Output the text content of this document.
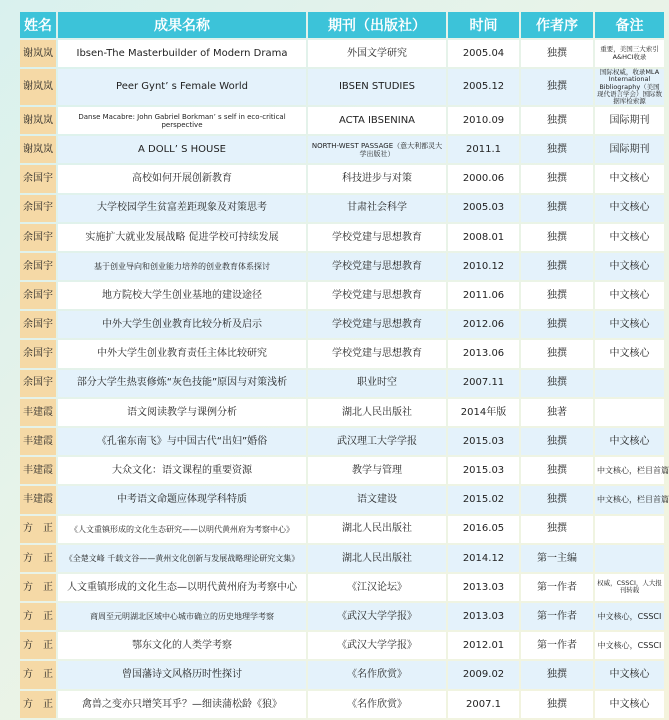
姓名	成果名称	期刊（出版社）	时间	作者序	备注
谢岚岚	Ibsen-The Masterbuilder of Modern Drama	外国文学研究	2005.04	独撰	重要，美国三大索引A&HCI收录
谢岚岚	Peer Gynt’ s Female World	IBSEN STUDIES	2005.12	独撰	国际权威，收录MLA International Bibliography（美国现代语言学会）国际数据库检索源
谢岚岚	Danse Macabre: John Gabriel Borkman’ s self in eco-critical perspective	ACTA IBSENINA	2010.09	独撰	国际期刊
谢岚岚	A DOLL’ S HOUSE	NORTH-WEST PASSAGE（意大利都灵大学出版社）	2011.1	独撰	国际期刊
余国宇	高校如何开展创新教育	科技进步与对策	2000.06	独撰	中文核心
余国宇	大学校园学生贫富差距现象及对策思考	甘肃社会科学	2005.03	独撰	中文核心
余国宇	实施扩大就业发展战略 促进学校可持续发展	学校党建与思想教育	2008.01	独撰	中文核心
余国宇	基于创业导向和创业能力培养的创业教育体系探讨	学校党建与思想教育	2010.12	独撰	中文核心
余国宇	地方院校大学生创业基地的建设途径	学校党建与思想教育	2011.06	独撰	中文核心
余国宇	中外大学生创业教育比较分析及启示	学校党建与思想教育	2012.06	独撰	中文核心
余国宇	中外大学生创业教育责任主体比较研究	学校党建与思想教育	2013.06	独撰	中文核心
余国宇	部分大学生热衷修炼“灰色技能”原因与对策浅析	职业时空	2007.11	独撰	
丰建霞	语文阅读教学与课例分析	湖北人民出版社	2014年版	独著	
丰建霞	《孔雀东南飞》与中国古代“出妇”婚俗	武汉理工大学学报	2015.03	独撰	中文核心
丰建霞	大众文化：语文课程的重要资源	教学与管理	2015.03	独撰	中文核心，栏目首篇
丰建霞	中考语文命题应体现学科特质	语文建设	2015.02	独撰	中文核心，栏目首篇
方　正	《人文重镇形成的文化生态研究——以明代黄州府为考察中心》	湖北人民出版社	2016.05	独撰	
方　正	《全楚文峰 千载文谷——黄州文化创新与发展战略理论研究文集》	湖北人民出版社	2014.12	第一主编	
方　正	人文重镇形成的文化生态—以明代黄州府为考察中心	《江汉论坛》	2013.03	第一作者	权威，CSSCI，人大报刊转载
方　正	商周至元明湖北区域中心城市确立的历史地理学考察	《武汉大学学报》	2013.03	第一作者	中文核心，CSSCI
方　正	鄂东文化的人类学考察	《武汉大学学报》	2012.01	第一作者	中文核心，CSSCI
方　正	曾国藩诗文风格历时性探讨	《名作欣赏》	2009.02	独撰	中文核心
方　正	禽兽之变亦只增笑耳乎？—细读蒲松龄《狼》	《名作欣赏》	2007.1	独撰	中文核心
